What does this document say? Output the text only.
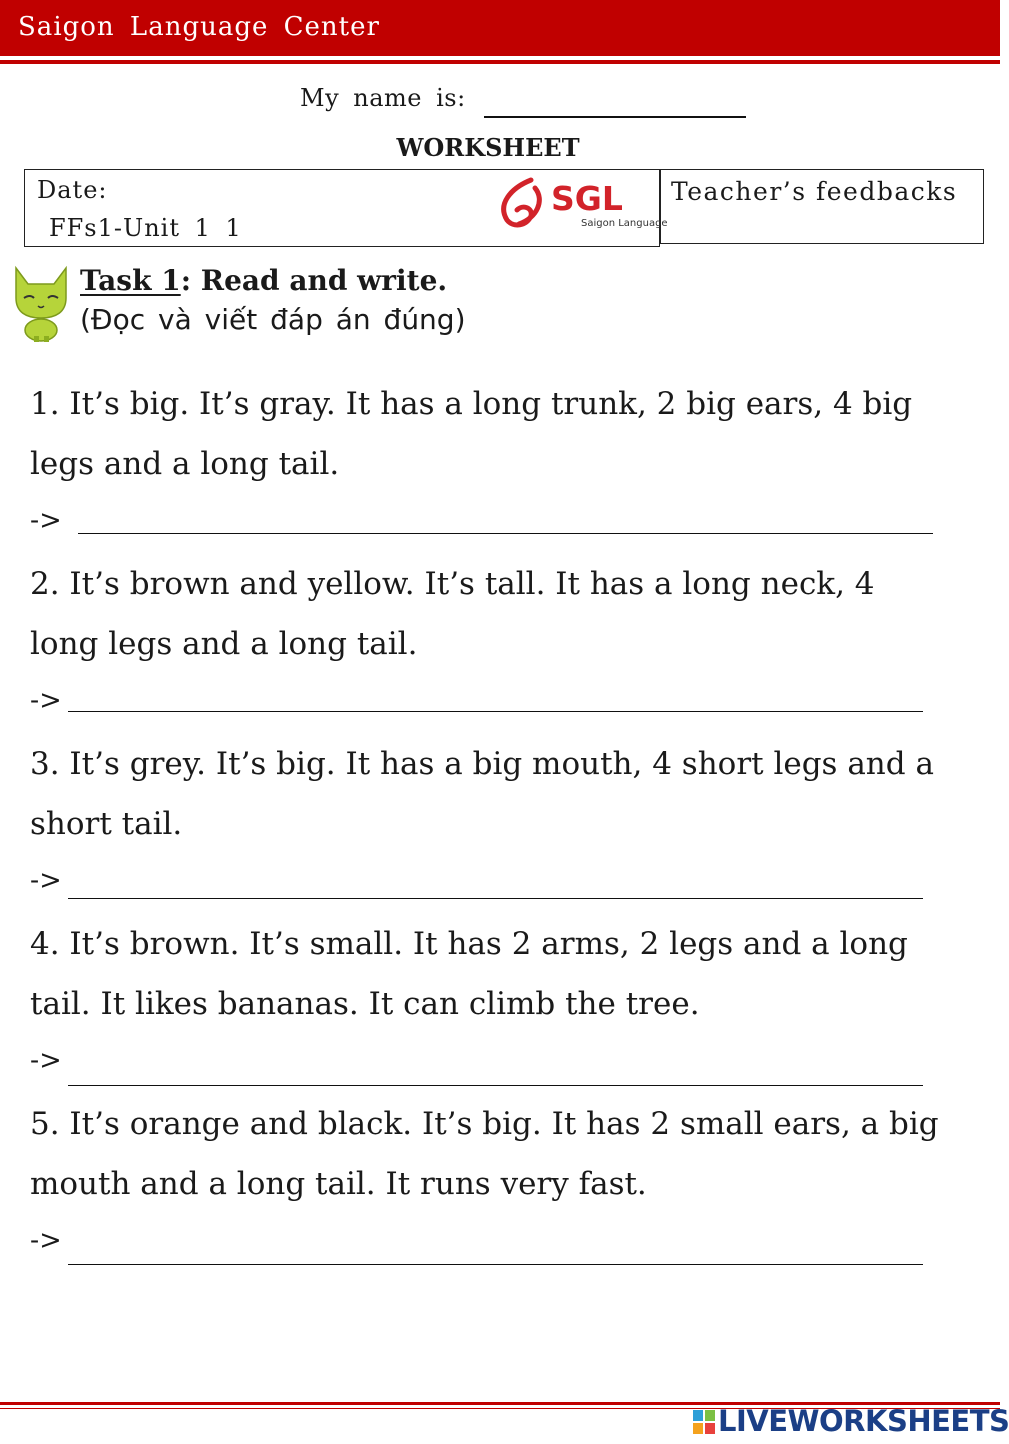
Saigon Language Center
My name is:
WORKSHEET
Date:
FFs1-Unit 1 1
SGL
Saigon Language
Teacher’s feedbacks
Task 1: Read and write.
(Đọc và viết đáp án đúng)
1. It’s big. It’s gray. It has a long trunk, 2 big ears, 4 big
legs and a long tail.
->
2. It’s brown and yellow. It’s tall. It has a long neck, 4
long legs and a long tail.
->
3. It’s grey. It’s big. It has a big mouth, 4 short legs and a
short tail.
->
4. It’s brown. It’s small. It has 2 arms, 2 legs and a long
tail. It likes bananas. It can climb the tree.
->
5. It’s orange and black. It’s big. It has 2 small ears, a big
mouth and a long tail. It runs very fast.
->
LIVEWORKSHEETS
